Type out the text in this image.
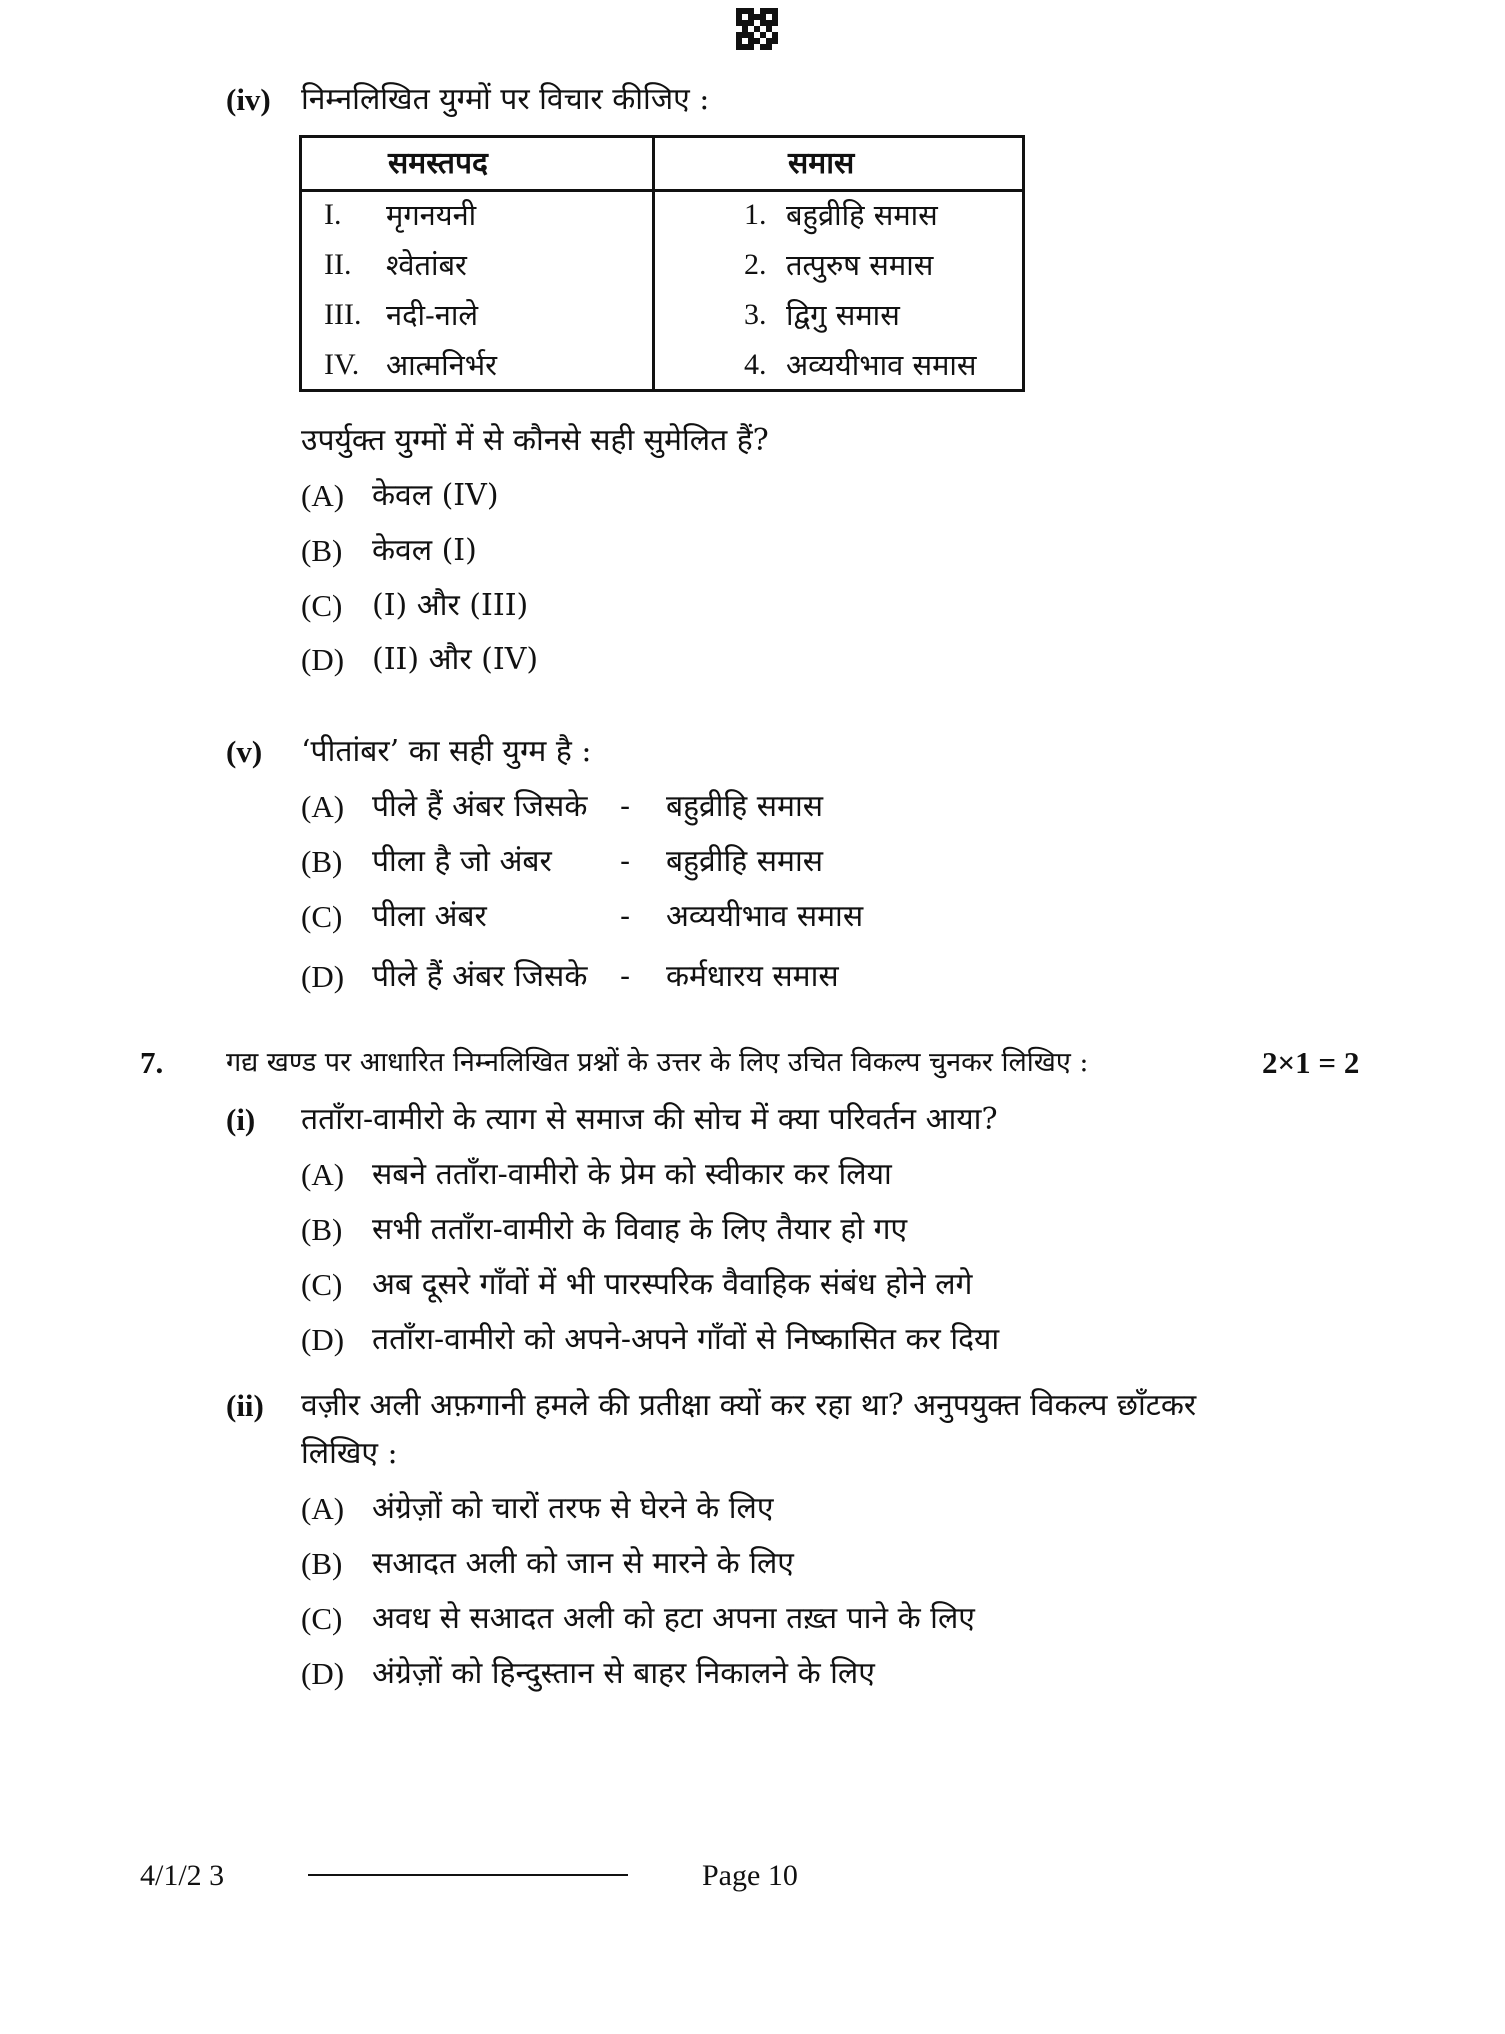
(iv) निम्नलिखित युग्मों पर विचार कीजिए :
समस्तपद	समास
I. मृगनयनी	1. बहुव्रीहि समास
II. श्वेतांबर	2. तत्पुरुष समास
III. नदी-नाले	3. द्विगु समास
IV. आत्मनिर्भर	4. अव्ययीभाव समास
उपर्युक्त युग्मों में से कौनसे सही सुमेलित हैं?
(A) केवल (IV)
(B) केवल (I)
(C) (I) और (III)
(D) (II) और (IV)
(v) ‘पीतांबर’ का सही युग्म है :
(A) पीले हैं अंबर जिसके - बहुव्रीहि समास
(B) पीला है जो अंबर - बहुव्रीहि समास
(C) पीला अंबर	- अव्ययीभाव समास
(D) पीले हैं अंबर जिसके - कर्मधारय समास
7. गद्य खण्ड पर आधारित निम्नलिखित प्रश्नों के उत्तर के लिए उचित विकल्प चुनकर लिखिए :	2×1 = 2
(i) तताँरा-वामीरो के त्याग से समाज की सोच में क्या परिवर्तन आया?
(A) सबने तताँरा-वामीरो के प्रेम को स्वीकार कर लिया
(B) सभी तताँरा-वामीरो के विवाह के लिए तैयार हो गए
(C) अब दूसरे गाँवों में भी पारस्परिक वैवाहिक संबंध होने लगे
(D) तताँरा-वामीरो को अपने-अपने गाँवों से निष्कासित कर दिया
(ii) वज़ीर अली अफ़गानी हमले की प्रतीक्षा क्यों कर रहा था? अनुपयुक्त विकल्प छाँटकर
लिखिए :
(A) अंग्रेज़ों को चारों तरफ से घेरने के लिए
(B) सआदत अली को जान से मारने के लिए
(C) अवध से सआदत अली को हटा अपना तख़्त पाने के लिए
(D) अंग्रेज़ों को हिन्दुस्तान से बाहर निकालने के लिए
4/1/2 3	Page 10
